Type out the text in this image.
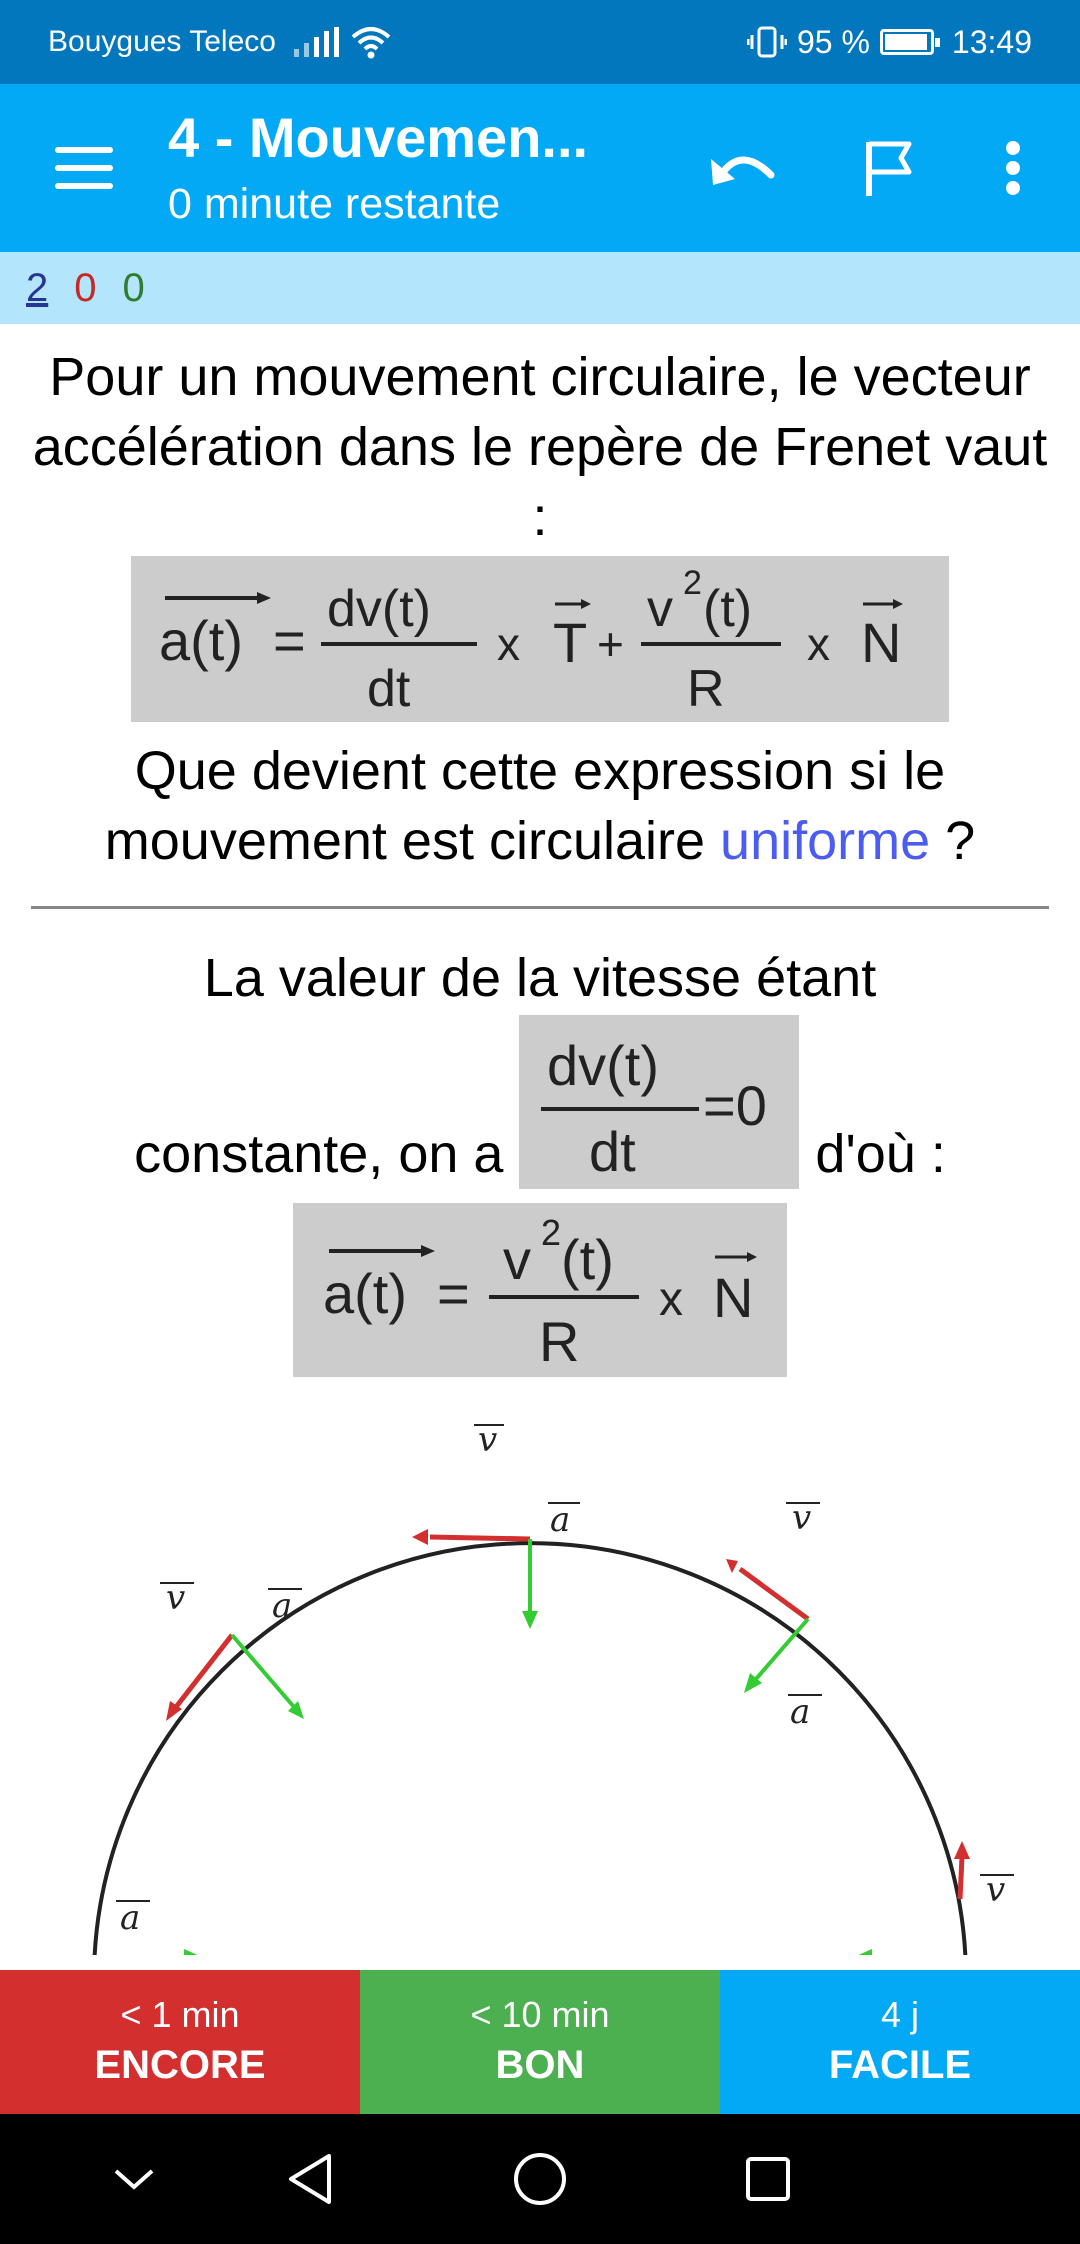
Bouygues Teleco	95 %	13:49
4 - Mouvemen...
0 minute restante
2 0 0
Pour un mouvement circulaire, le vecteur accélération dans le repère de Frenet vaut :
a(t) = dv(t)
dt
x T +
v 2 (t)
R
x N
Que devient cette expression si le mouvement est circulaire uniforme ?
La valeur de la vitesse étant
constante, on a
dv(t)
dt
=0
d'où :
a(t) =
v 2 (t)
R
x N
v
a	v
a
v	a
v
a
< 1 min
ENCORE
< 10 min
BON
4 j
FACILE
